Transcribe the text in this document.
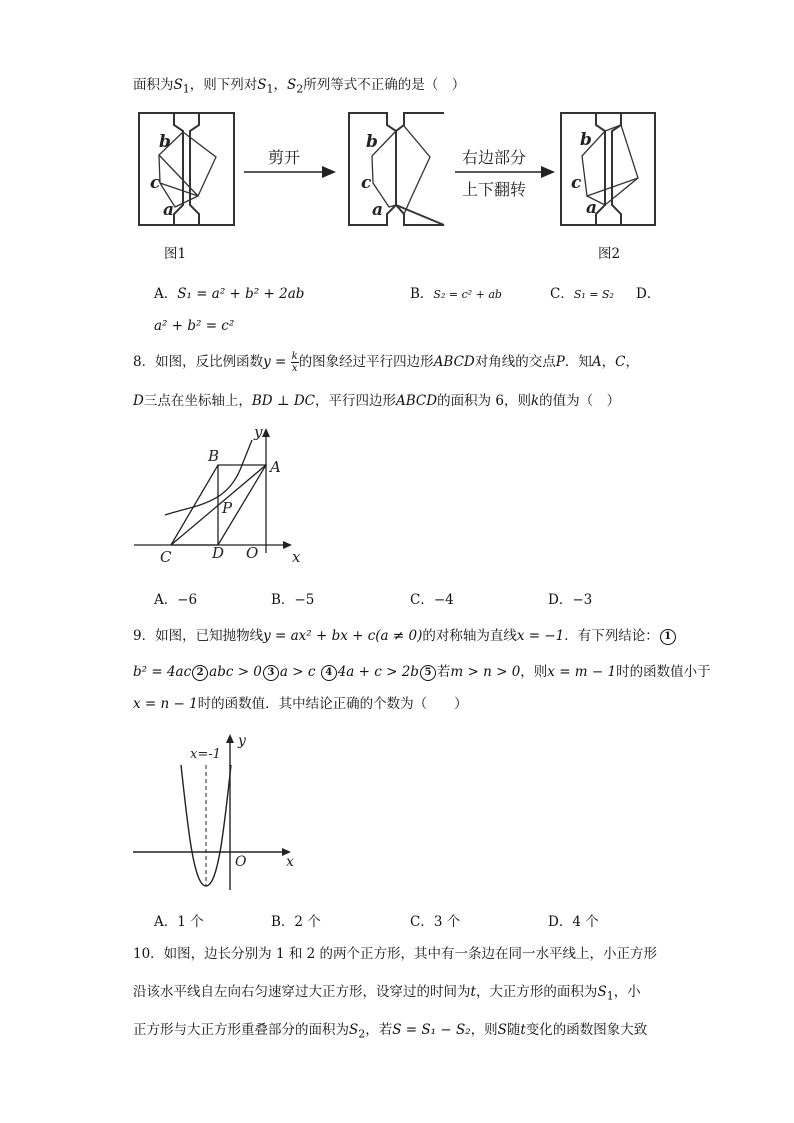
面积为$S_1$，则下列对$S_1$，$S_2$所列等式不正确的是（　）
b
c
a
剪开
b
c
a
右边部分
上下翻转
b
c
a
图1	图2
A．S₁ = a² + b² + 2ab	B．S₂ = c² + ab	C．S₁ = S₂ D．
a² + b² = c²
8．如图，反比例函数$y = \frac{k}{x}$ 的图象经过平行四边形ABCD对角线的交点P．知A，C，
D三点在坐标轴上，BD ⊥ DC，平行四边形ABCD的面积为 6，则k的值为（　）
y
x
B
A
P
C	D O
A．−6	B．−5	C．−4	D．−3
9．如图，已知抛物线y = ax² + bx + c(a ≠ 0)的对称轴为直线x = −1．有下列结论： 1
b² = 4ac 2 abc > 0 3 a > c 4 4a + c > 2b 5 若m > n > 0，则x = m − 1时的函数值小于
x = n − 1时的函数值．其中结论正确的个数为（　　）
x=-1
y
x
O
A．1 个	B．2 个	C．3 个	D．4 个
10．如图，边长分别为 1 和 2 的两个正方形，其中有一条边在同一水平线上，小正方形
沿该水平线自左向右匀速穿过大正方形，设穿过的时间为t，大正方形的面积为$S_1$，小
正方形与大正方形重叠部分的面积为$S_2$，若S = S₁ − S₂，则S随t变化的函数图象大致
